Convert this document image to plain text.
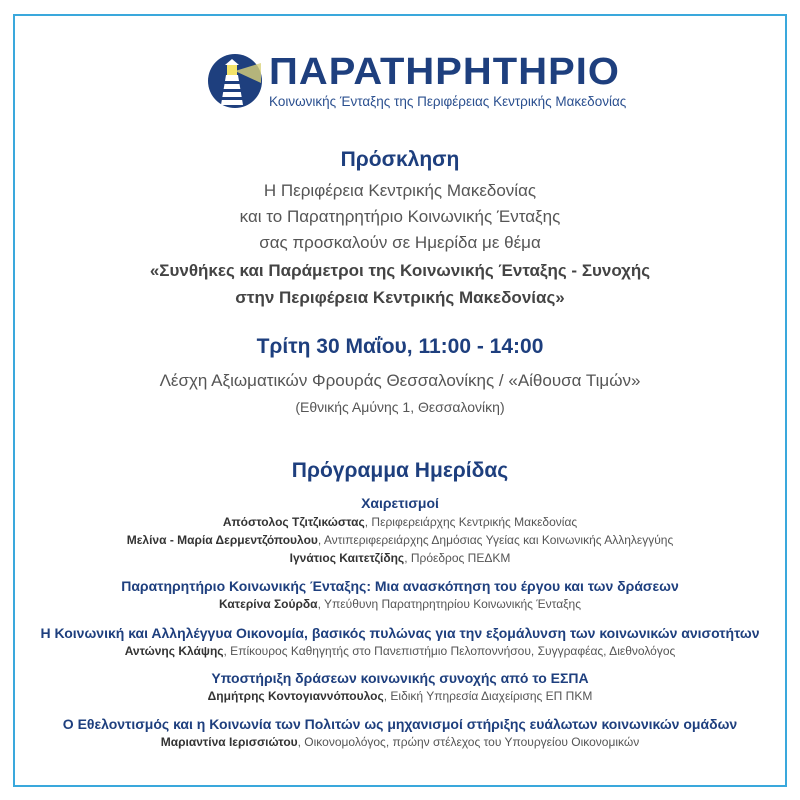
ΠΑΡΑΤΗΡΗΤΗΡΙΟ
Κοινωνικής Ένταξης της Περιφέρειας Κεντρικής Μακεδονίας
Πρόσκληση
Η Περιφέρεια Κεντρικής Μακεδονίας
και το Παρατηρητήριο Κοινωνικής Ένταξης
σας προσκαλούν σε Ημερίδα με θέμα
«Συνθήκες και Παράμετροι της Κοινωνικής Ένταξης - Συνοχής
στην Περιφέρεια Κεντρικής Μακεδονίας»
Τρίτη 30 Μαΐου, 11:00 - 14:00
Λέσχη Αξιωματικών Φρουράς Θεσσαλονίκης / «Αίθουσα Τιμών»
(Εθνικής Αμύνης 1, Θεσσαλονίκη)
Πρόγραμμα Ημερίδας
Χαιρετισμοί
Απόστολος Τζιτζικώστας, Περιφερειάρχης Κεντρικής Μακεδονίας
Μελίνα - Μαρία Δερμεντζόπουλου, Αντιπεριφερειάρχης Δημόσιας Υγείας και Κοινωνικής Αλληλεγγύης
Ιγνάτιος Καιτετζίδης, Πρόεδρος ΠΕΔΚΜ
Παρατηρητήριο Κοινωνικής Ένταξης: Μια ανασκόπηση του έργου και των δράσεων
Κατερίνα Σούρδα, Υπεύθυνη Παρατηρητηρίου Κοινωνικής Ένταξης
Η Κοινωνική και Αλληλέγγυα Οικονομία, βασικός πυλώνας για την εξομάλυνση των κοινωνικών ανισοτήτων
Αντώνης Κλάψης, Επίκουρος Καθηγητής στο Πανεπιστήμιο Πελοποννήσου, Συγγραφέας, Διεθνολόγος
Υποστήριξη δράσεων κοινωνικής συνοχής από το ΕΣΠΑ
Δημήτρης Κοντογιαννόπουλος, Ειδική Υπηρεσία Διαχείρισης ΕΠ ΠΚΜ
Ο Εθελοντισμός και η Κοινωνία των Πολιτών ως μηχανισμοί στήριξης ευάλωτων κοινωνικών ομάδων
Μαριαντίνα Ιερισσιώτου, Οικονομολόγος, πρώην στέλεχος του Υπουργείου Οικονομικών
